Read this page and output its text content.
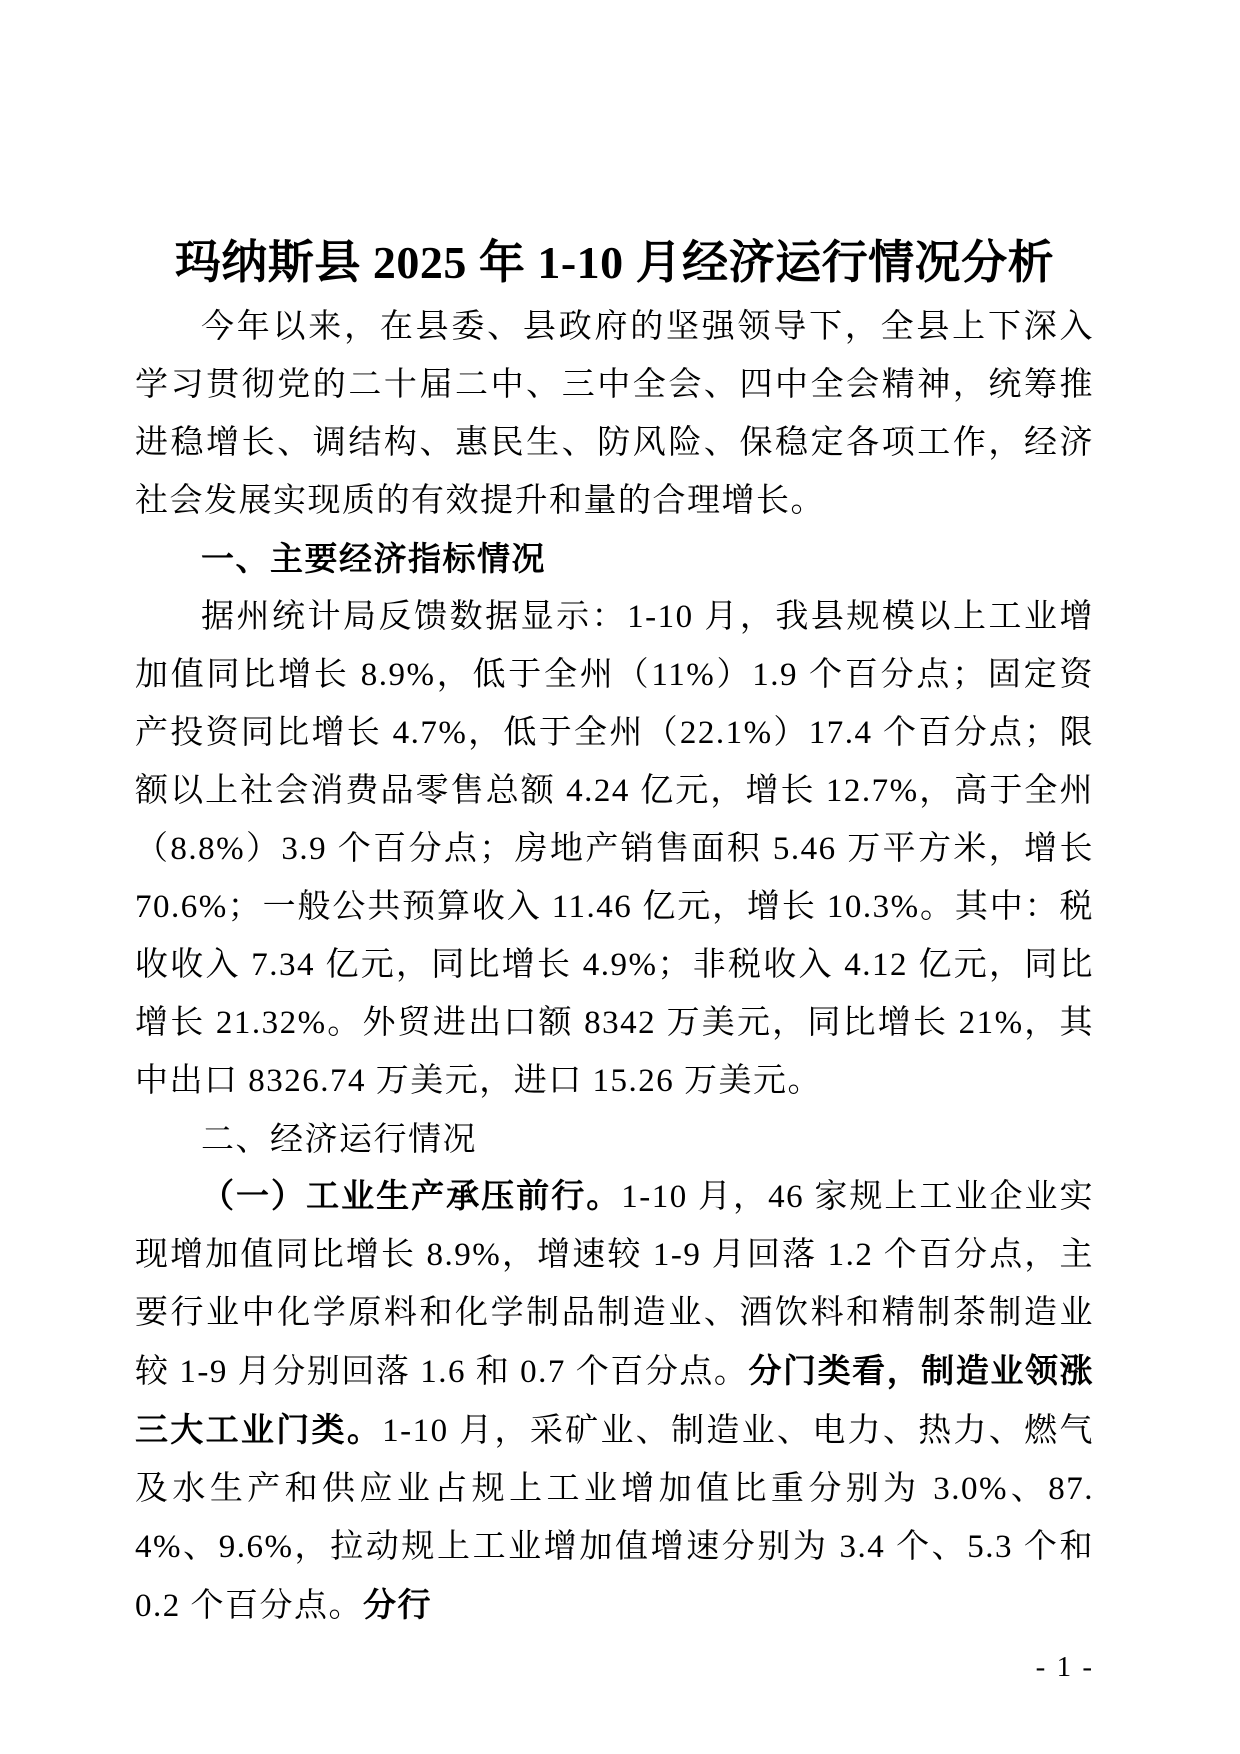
玛纳斯县 2025 年 1-10 月经济运行情况分析

今年以来，在县委、县政府的坚强领导下，全县上下深入学习贯彻党的二十届二中、三中全会、四中全会精神，统筹推进稳增长、调结构、惠民生、防风险、保稳定各项工作，经济社会发展实现质的有效提升和量的合理增长。

一、主要经济指标情况

据州统计局反馈数据显示：1-10 月，我县规模以上工业增加值同比增长 8.9%，低于全州（11%）1.9 个百分点；固定资产投资同比增长 4.7%，低于全州（22.1%）17.4 个百分点；限额以上社会消费品零售总额 4.24 亿元，增长 12.7%，高于全州（8.8%）3.9 个百分点；房地产销售面积 5.46 万平方米，增长 70.6%；一般公共预算收入 11.46 亿元，增长 10.3%。其中：税收收入 7.34 亿元，同比增长 4.9%；非税收入 4.12 亿元，同比增长 21.32%。外贸进出口额 8342 万美元，同比增长 21%，其中出口 8326.74 万美元，进口 15.26 万美元。

二、经济运行情况

（一）工业生产承压前行。1-10 月，46 家规上工业企业实现增加值同比增长 8.9%，增速较 1-9 月回落 1.2 个百分点，主要行业中化学原料和化学制品制造业、酒饮料和精制茶制造业较 1-9 月分别回落 1.6 和 0.7 个百分点。分门类看，制造业领涨三大工业门类。1-10 月，采矿业、制造业、电力、热力、燃气及水生产和供应业占规上工业增加值比重分别为 3.0%、87.4%、9.6%，拉动规上工业增加值增速分别为 3.4 个、5.3 个和 0.2 个百分点。分行

- 1 -
